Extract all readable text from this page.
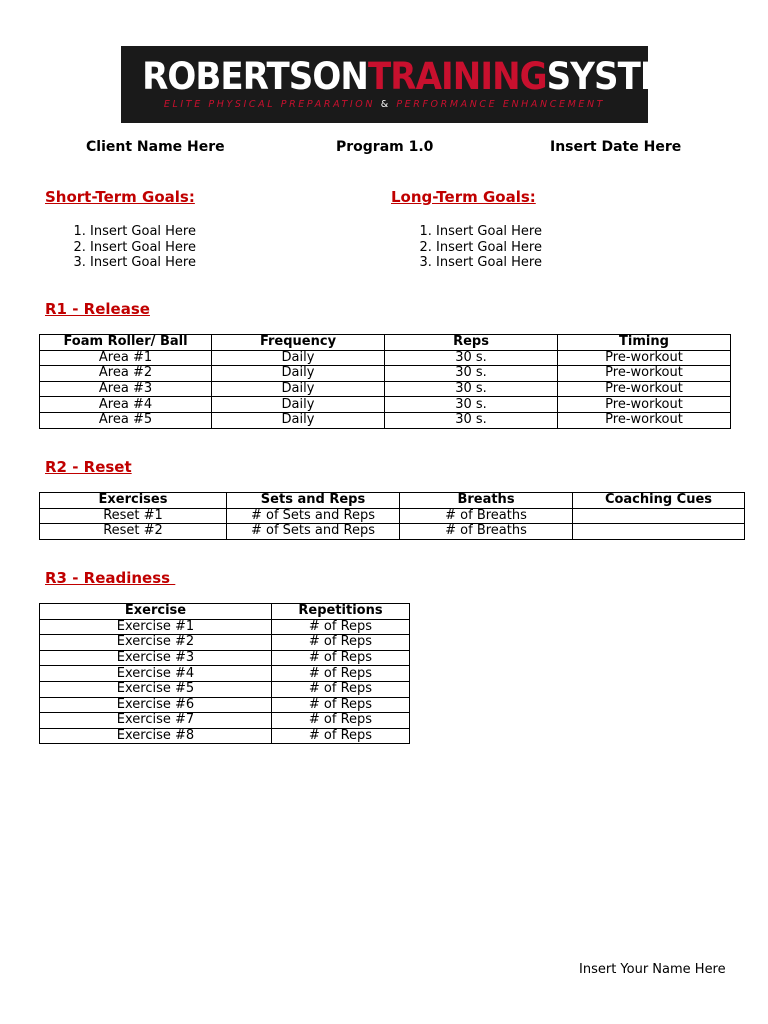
ROBERTSONTRAININGSYSTEMS
ELITE PHYSICAL PREPARATION & PERFORMANCE ENHANCEMENT
Client Name Here	Program 1.0	Insert Date Here
Short-Term Goals:
1. Insert Goal Here
2. Insert Goal Here
3. Insert Goal Here
Long-Term Goals:
1. Insert Goal Here
2. Insert Goal Here
3. Insert Goal Here
R1 - Release
Foam Roller/ Ball	Frequency	Reps	Timing
Area #1	Daily	30 s.	Pre-workout
Area #2	Daily	30 s.	Pre-workout
Area #3	Daily	30 s.	Pre-workout
Area #4	Daily	30 s.	Pre-workout
Area #5	Daily	30 s.	Pre-workout
R2 - Reset
Exercises	Sets and Reps	Breaths	Coaching Cues
Reset #1	# of Sets and Reps	# of Breaths	
Reset #2	# of Sets and Reps	# of Breaths	
R3 - Readiness
Exercise	Repetitions
Exercise #1	# of Reps
Exercise #2	# of Reps
Exercise #3	# of Reps
Exercise #4	# of Reps
Exercise #5	# of Reps
Exercise #6	# of Reps
Exercise #7	# of Reps
Exercise #8	# of Reps
Insert Your Name Here
